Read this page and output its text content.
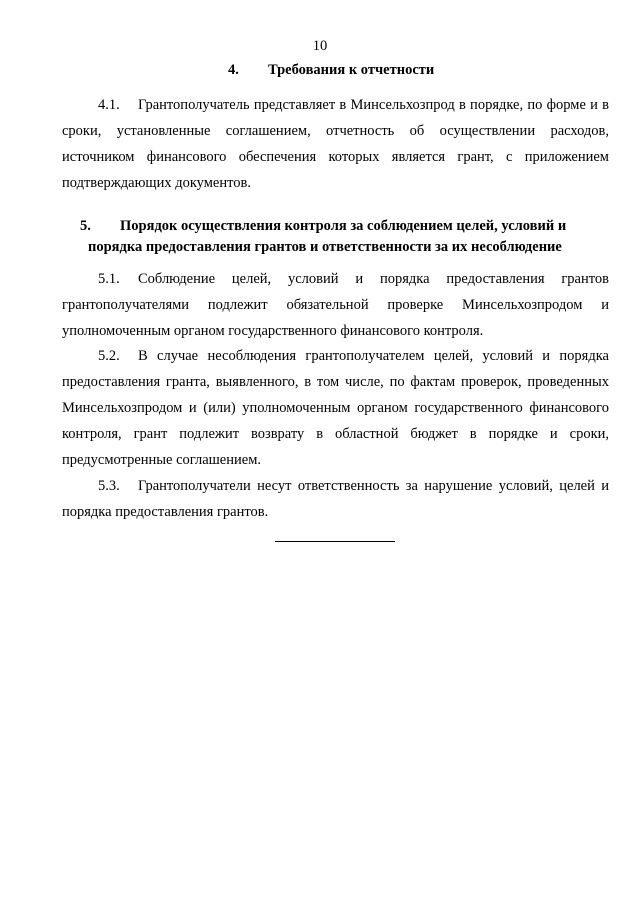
10
4. Требования к отчетности

4.1. Грантополучатель представляет в Минсельхозпрод в порядке, по форме и в сроки, установленные соглашением, отчетность об осуществлении расходов, источником финансового обеспечения которых является грант, с приложением подтверждающих документов.

5. Порядок осуществления контроля за соблюдением целей, условий и
порядка предоставления грантов и ответственности за их несоблюдение

5.1. Соблюдение целей, условий и порядка предоставления грантов грантополучателями подлежит обязательной проверке Минсельхозпродом и уполномоченным органом государственного финансового контроля.

5.2. В случае несоблюдения грантополучателем целей, условий и порядка предоставления гранта, выявленного, в том числе, по фактам проверок, проведенных Минсельхозпродом и (или) уполномоченным органом государственного финансового контроля, грант подлежит возврату в областной бюджет в порядке и сроки, предусмотренные соглашением.

5.3. Грантополучатели несут ответственность за нарушение условий, целей и порядка предоставления грантов.
